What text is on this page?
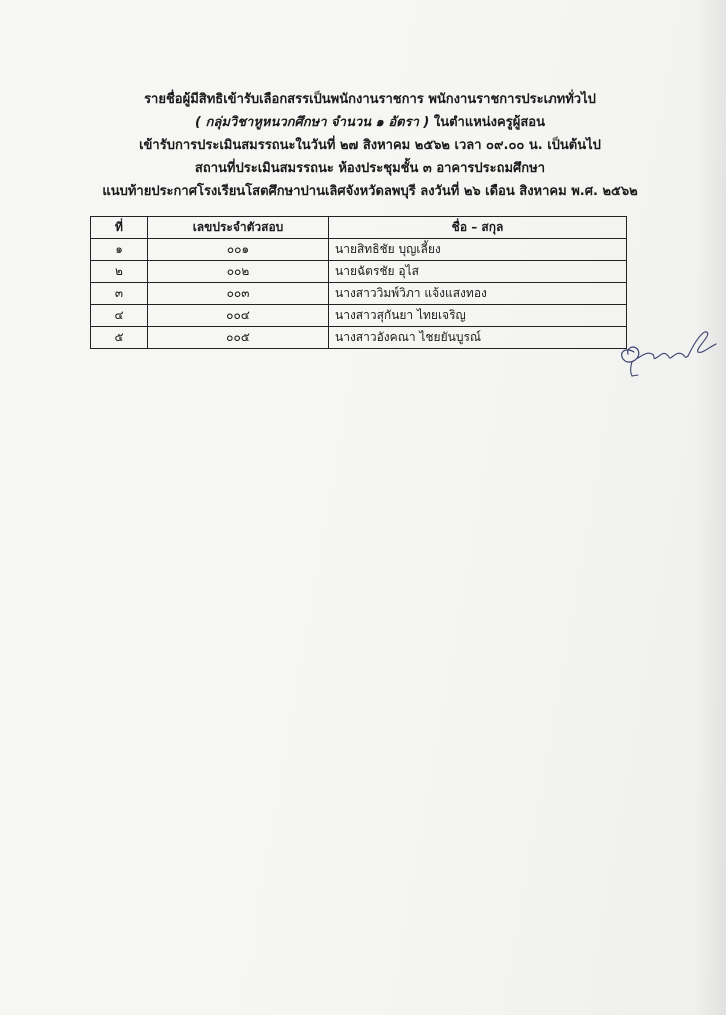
รายชื่อผู้มีสิทธิเข้ารับเลือกสรรเป็นพนักงานราชการ พนักงานราชการประเภททั่วไป
( กลุ่มวิชาหูหนวกศึกษา จำนวน ๑ อัตรา ) ในตำแหน่งครูผู้สอน
เข้ารับการประเมินสมรรถนะในวันที่ ๒๗ สิงหาคม ๒๕๖๒ เวลา ๐๙.๐๐ น. เป็นต้นไป
สถานที่ประเมินสมรรถนะ ห้องประชุมชั้น ๓ อาคารประถมศึกษา
แนบท้ายประกาศโรงเรียนโสตศึกษาปานเลิศจังหวัดลพบุรี ลงวันที่ ๒๖ เดือน สิงหาคม พ.ศ. ๒๕๖๒
ที่	เลขประจำตัวสอบ	ชื่อ – สกุล
๑	๐๐๑	นายสิทธิชัย บุญเลี้ยง
๒	๐๐๒	นายฉัตรชัย อุไส
๓	๐๐๓	นางสาววิมพ์วิภา แจ้งแสงทอง
๔	๐๐๔	นางสาวสุกันยา ไทยเจริญ
๕	๐๐๕	นางสาวอังคณา ไชยยันบูรณ์
